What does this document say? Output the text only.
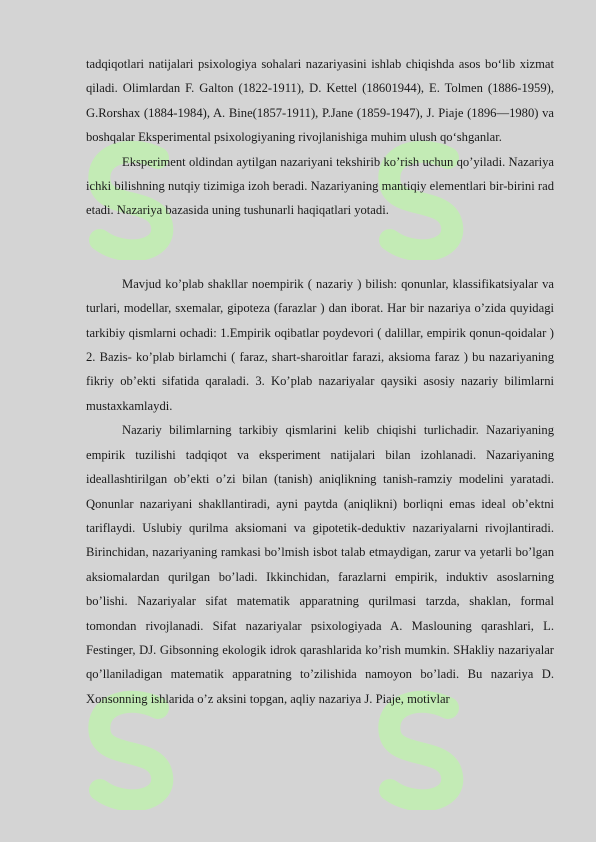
tadqiqotlari natijalari psixologiya sohalari nazariyasini ishlab chiqishda asos bo‘lib xizmat qiladi. Olimlardan F. Galton (1822-1911), D. Kettel (18601944), E. Tolmen (1886-1959), G.Rorshax (1884-1984), A. Bine(1857-1911), P.Jane (1859-1947), J. Piaje (1896—1980) va boshqalar Eksperimental psixologiyaning rivojlanishiga muhim ulush qo‘shganlar.

Eksperiment oldindan aytilgan nazariyani tekshirib ko’rish uchun qo’yiladi. Nazariya ichki bilishning nutqiy tizimiga izoh beradi. Nazariyaning mantiqiy elementlari bir-birini rad etadi. Nazariya bazasida uning tushunarli haqiqatlari yotadi.

Mavjud ko’plab shakllar noempirik ( nazariy ) bilish: qonunlar, klassifikatsiyalar va turlari, modellar, sxemalar, gipoteza (farazlar ) dan iborat. Har bir nazariya o’zida quyidagi tarkibiy qismlarni ochadi: 1.Empirik oqibatlar poydevori ( dalillar, empirik qonun-qoidalar ) 2. Bazis- ko’plab birlamchi ( faraz, shart-sharoitlar farazi, aksioma faraz ) bu nazariyaning fikriy ob’ekti sifatida qaraladi. 3. Ko’plab nazariyalar qaysiki asosiy nazariy bilimlarni mustaxkamlaydi.

Nazariy bilimlarning tarkibiy qismlarini kelib chiqishi turlichadir. Nazariyaning empirik tuzilishi tadqiqot va eksperiment natijalari bilan izohlanadi. Nazariyaning ideallashtirilgan ob’ekti o’zi bilan (tanish) aniqlikning tanish-ramziy modelini yaratadi. Qonunlar nazariyani shakllantiradi, ayni paytda (aniqlikni) borliqni emas ideal ob’ektni tariflaydi. Uslubiy qurilma aksiomani va gipotetik-deduktiv nazariyalarni rivojlantiradi. Birinchidan, nazariyaning ramkasi bo’lmish isbot talab etmaydigan, zarur va yetarli bo’lgan aksiomalardan qurilgan bo’ladi. Ikkinchidan, farazlarni empirik, induktiv asoslarning bo’lishi. Nazariyalar sifat matematik apparatning qurilmasi tarzda, shaklan, formal tomondan rivojlanadi. Sifat nazariyalar psixologiyada A. Maslouning qarashlari, L. Festinger, DJ. Gibsonning ekologik idrok qarashlarida ko’rish mumkin. SHakliy nazariyalar qo’llaniladigan matematik apparatning to’zilishida namoyon bo’ladi. Bu nazariya D. Xonsonning ishlarida o’z aksini topgan, aqliy nazariya J. Piaje, motivlar
